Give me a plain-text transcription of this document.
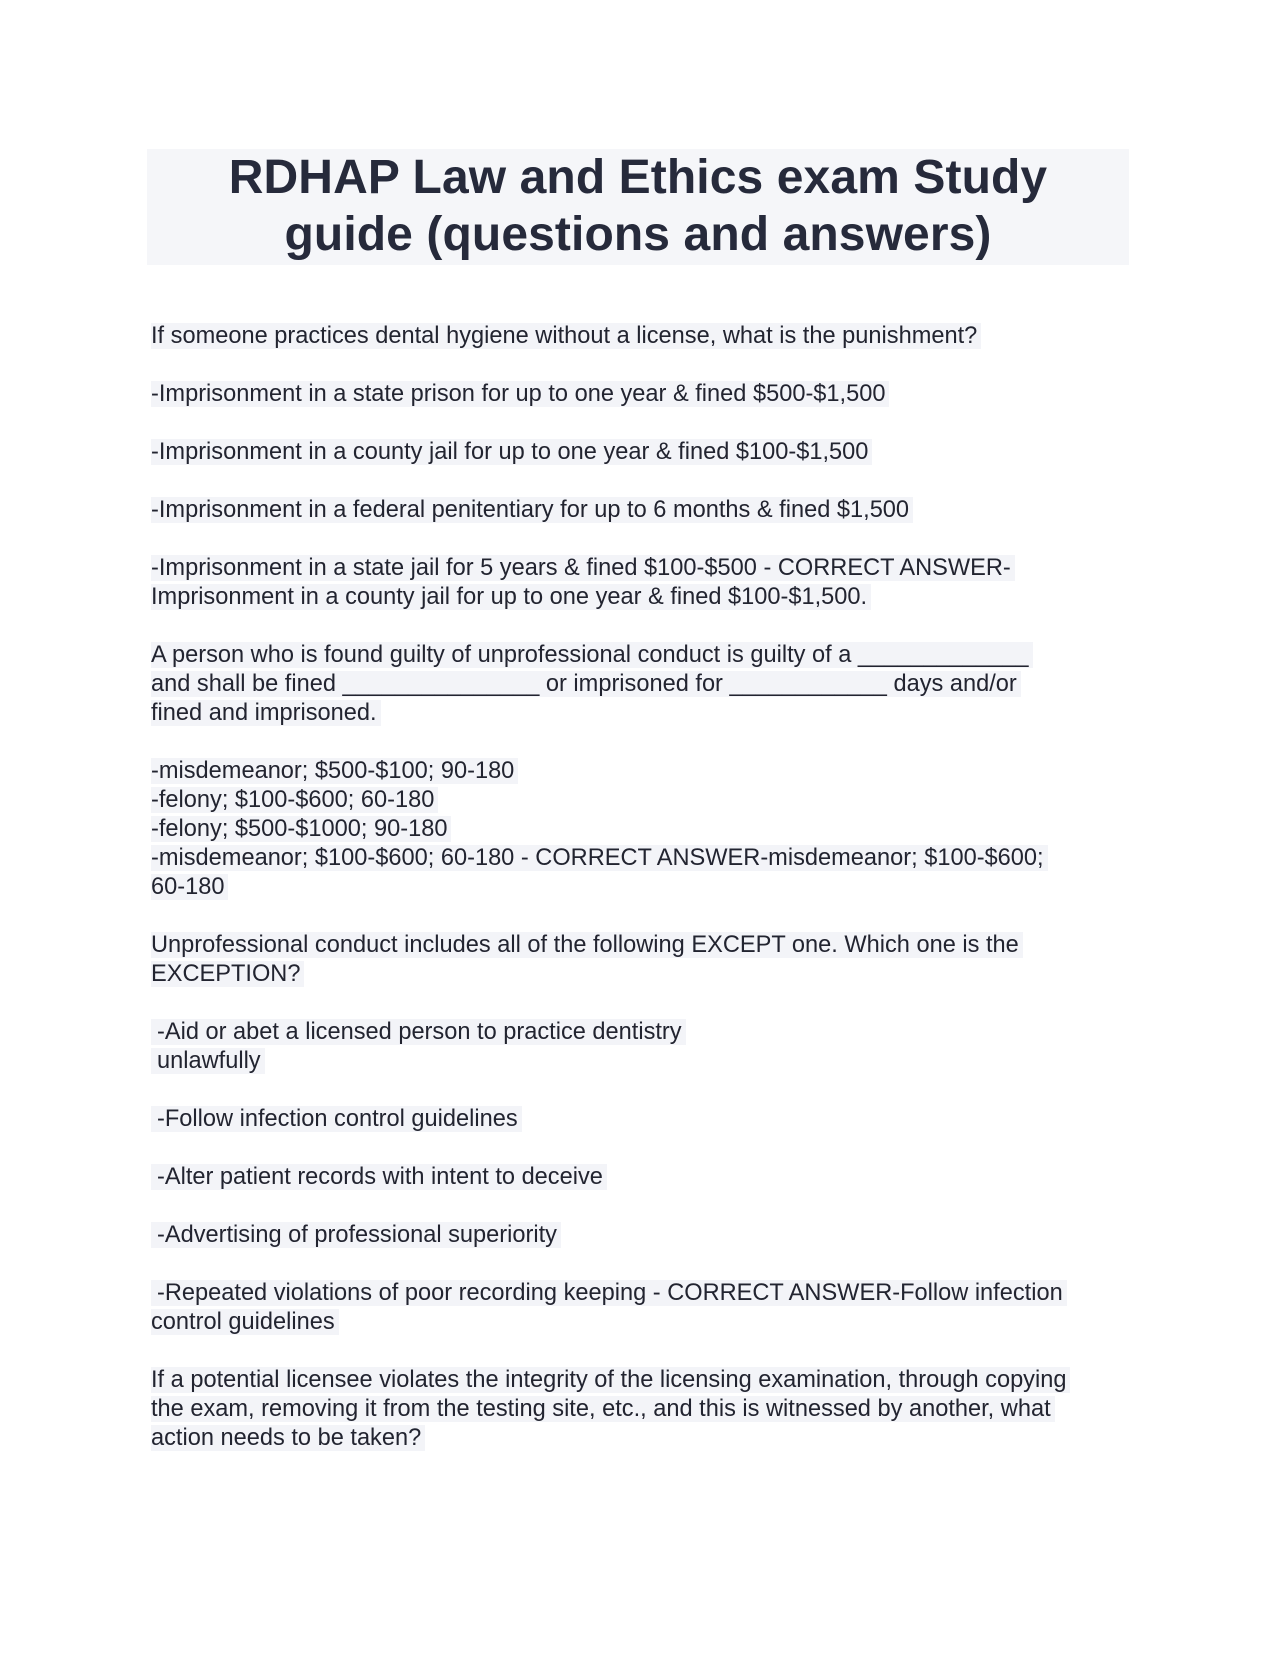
RDHAP Law and Ethics exam Study
guide (questions and answers)

If someone practices dental hygiene without a license, what is the punishment?

-Imprisonment in a state prison for up to one year & fined $500-$1,500

-Imprisonment in a county jail for up to one year & fined $100-$1,500

-Imprisonment in a federal penitentiary for up to 6 months & fined $1,500

-Imprisonment in a state jail for 5 years & fined $100-$500 - CORRECT ANSWER-
Imprisonment in a county jail for up to one year & fined $100-$1,500.

A person who is found guilty of unprofessional conduct is guilty of a _____________
and shall be fined _______________ or imprisoned for ____________ days and/or
fined and imprisoned.

-misdemeanor; $500-$100; 90-180
-felony; $100-$600; 60-180
-felony; $500-$1000; 90-180
-misdemeanor; $100-$600; 60-180 - CORRECT ANSWER-misdemeanor; $100-$600;
60-180

Unprofessional conduct includes all of the following EXCEPT one. Which one is the
EXCEPTION?

-Aid or abet a licensed person to practice dentistry
unlawfully

-Follow infection control guidelines

-Alter patient records with intent to deceive

-Advertising of professional superiority

-Repeated violations of poor recording keeping - CORRECT ANSWER-Follow infection
control guidelines

If a potential licensee violates the integrity of the licensing examination, through copying
the exam, removing it from the testing site, etc., and this is witnessed by another, what
action needs to be taken?
